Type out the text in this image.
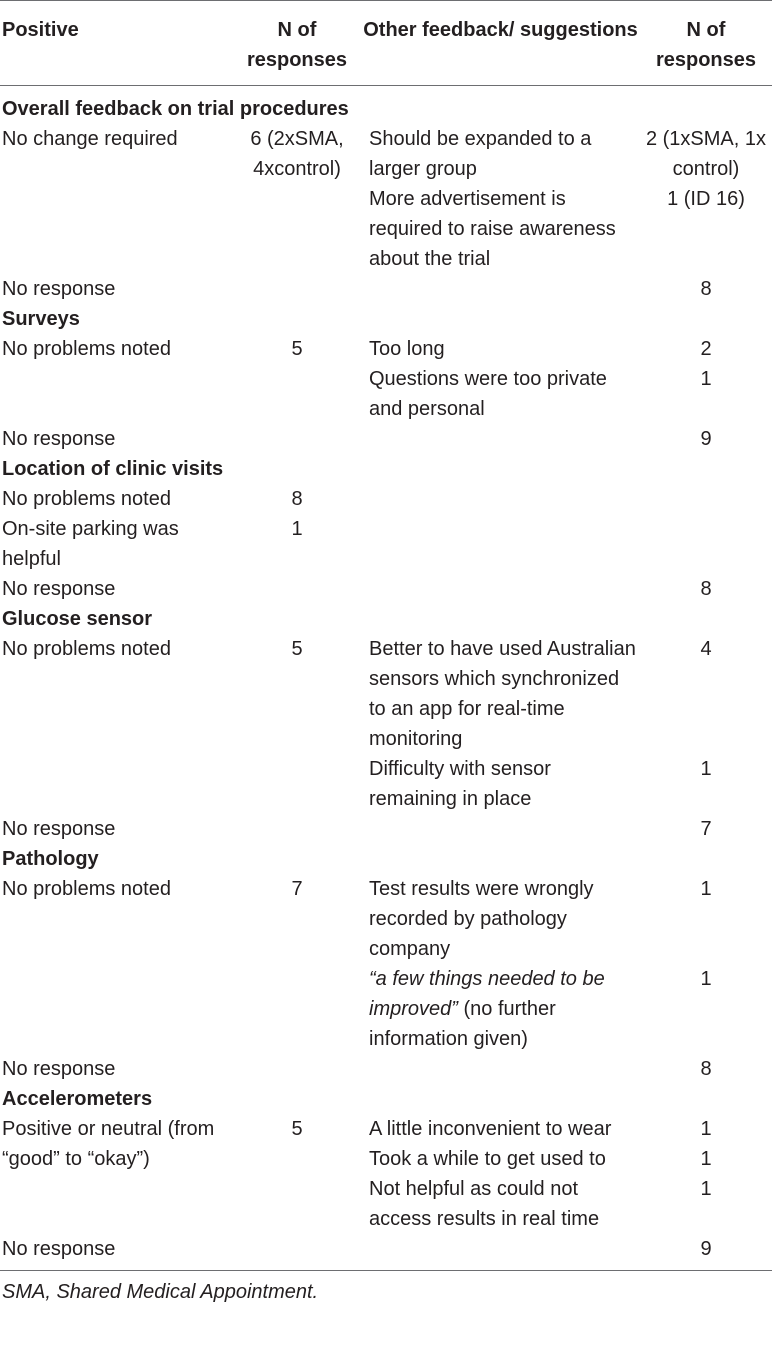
Positive	N of responses	Other feedback/ suggestions	N of responses
Overall feedback on trial procedures			
No change required	6 (2xSMA, 4xcontrol)	Should be expanded to a larger group	2 (1xSMA, 1x control)
		More advertisement is required to raise awareness about the trial	1 (ID 16)
No response			8
Surveys			
No problems noted	5	Too long	2
		Questions were too private and personal	1
No response			9
Location of clinic visits			
No problems noted	8		
On-site parking was helpful	1		
No response			8
Glucose sensor			
No problems noted	5	Better to have used Australian sensors which synchronized to an app for real-time monitoring	4
		Difficulty with sensor remaining in place	1
No response			7
Pathology			
No problems noted	7	Test results were wrongly recorded by pathology company	1
		“a few things needed to be improved” (no further information given)	1
No response			8
Accelerometers			
Positive or neutral (from “good” to “okay”)	5	A little inconvenient to wear	1
		Took a while to get used to	1
		Not helpful as could not access results in real time	1
No response			9
SMA, Shared Medical Appointment.			
